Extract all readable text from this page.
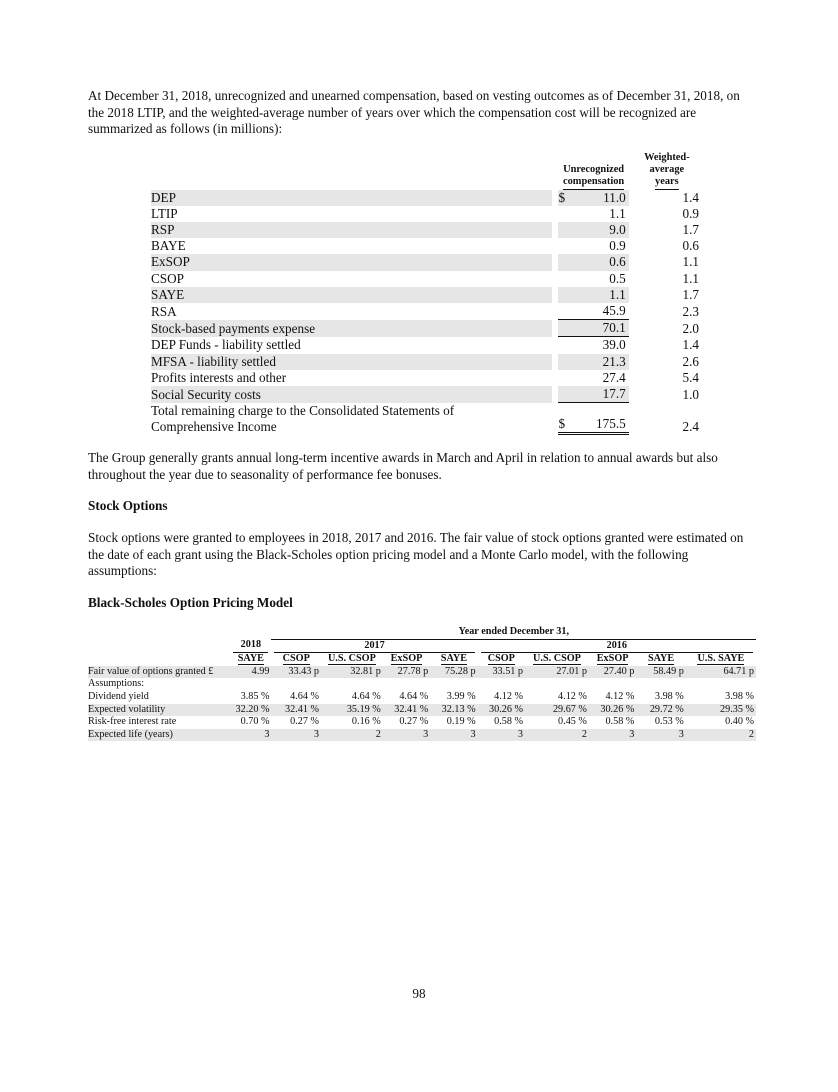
At December 31, 2018, unrecognized and unearned compensation, based on vesting outcomes as of December 31, 2018, on the 2018 LTIP, and the weighted-average number of years over which the compensation cost will be recognized are summarized as follows (in millions):

		Unrecognized
compensation		Weighted-
average
years
DEP		$ 11.0		1.4
LTIP		1.1		0.9
RSP		9.0		1.7
BAYE		0.9		0.6
ExSOP		0.6		1.1
CSOP		0.5		1.1
SAYE		1.1		1.7
RSA		45.9		2.3
Stock-based payments expense		70.1		2.0
DEP Funds - liability settled		39.0		1.4
MFSA - liability settled		21.3		2.6
Profits interests and other		27.4		5.4
Social Security costs		17.7		1.0
Total remaining charge to the Consolidated Statements of
Comprehensive Income		$ 175.5		2.4

The Group generally grants annual long-term incentive awards in March and April in relation to annual awards but also throughout the year due to seasonality of performance fee bonuses.

Stock Options

Stock options were granted to employees in 2018, 2017 and 2016. The fair value of stock options granted were estimated on the date of each grant using the Black-Scholes option pricing model and a Monte Carlo model, with the following assumptions:

Black-Scholes Option Pricing Model
		Year ended December 31,								

	2018	2017				2016				

	SAYE	CSOP	U.S. CSOP	ExSOP	SAYE	CSOP	U.S. CSOP	ExSOP	SAYE	U.S. SAYE
Fair value of options granted £	4.99	33.43 p	32.81 p	27.78 p	75.28 p	33.51 p	27.01 p	27.40 p	58.49 p	64.71 p
Assumptions:										
Dividend yield	3.85 %	4.64 %	4.64 %	4.64 %	3.99 %	4.12 %	4.12 %	4.12 %	3.98 %	3.98 %
Expected volatility	32.20 %	32.41 %	35.19 %	32.41 %	32.13 %	30.26 %	29.67 %	30.26 %	29.72 %	29.35 %
Risk-free interest rate	0.70 %	0.27 %	0.16 %	0.27 %	0.19 %	0.58 %	0.45 %	0.58 %	0.53 %	0.40 %
Expected life (years)	3	3	2	3	3	3	2	3	3	2
98
